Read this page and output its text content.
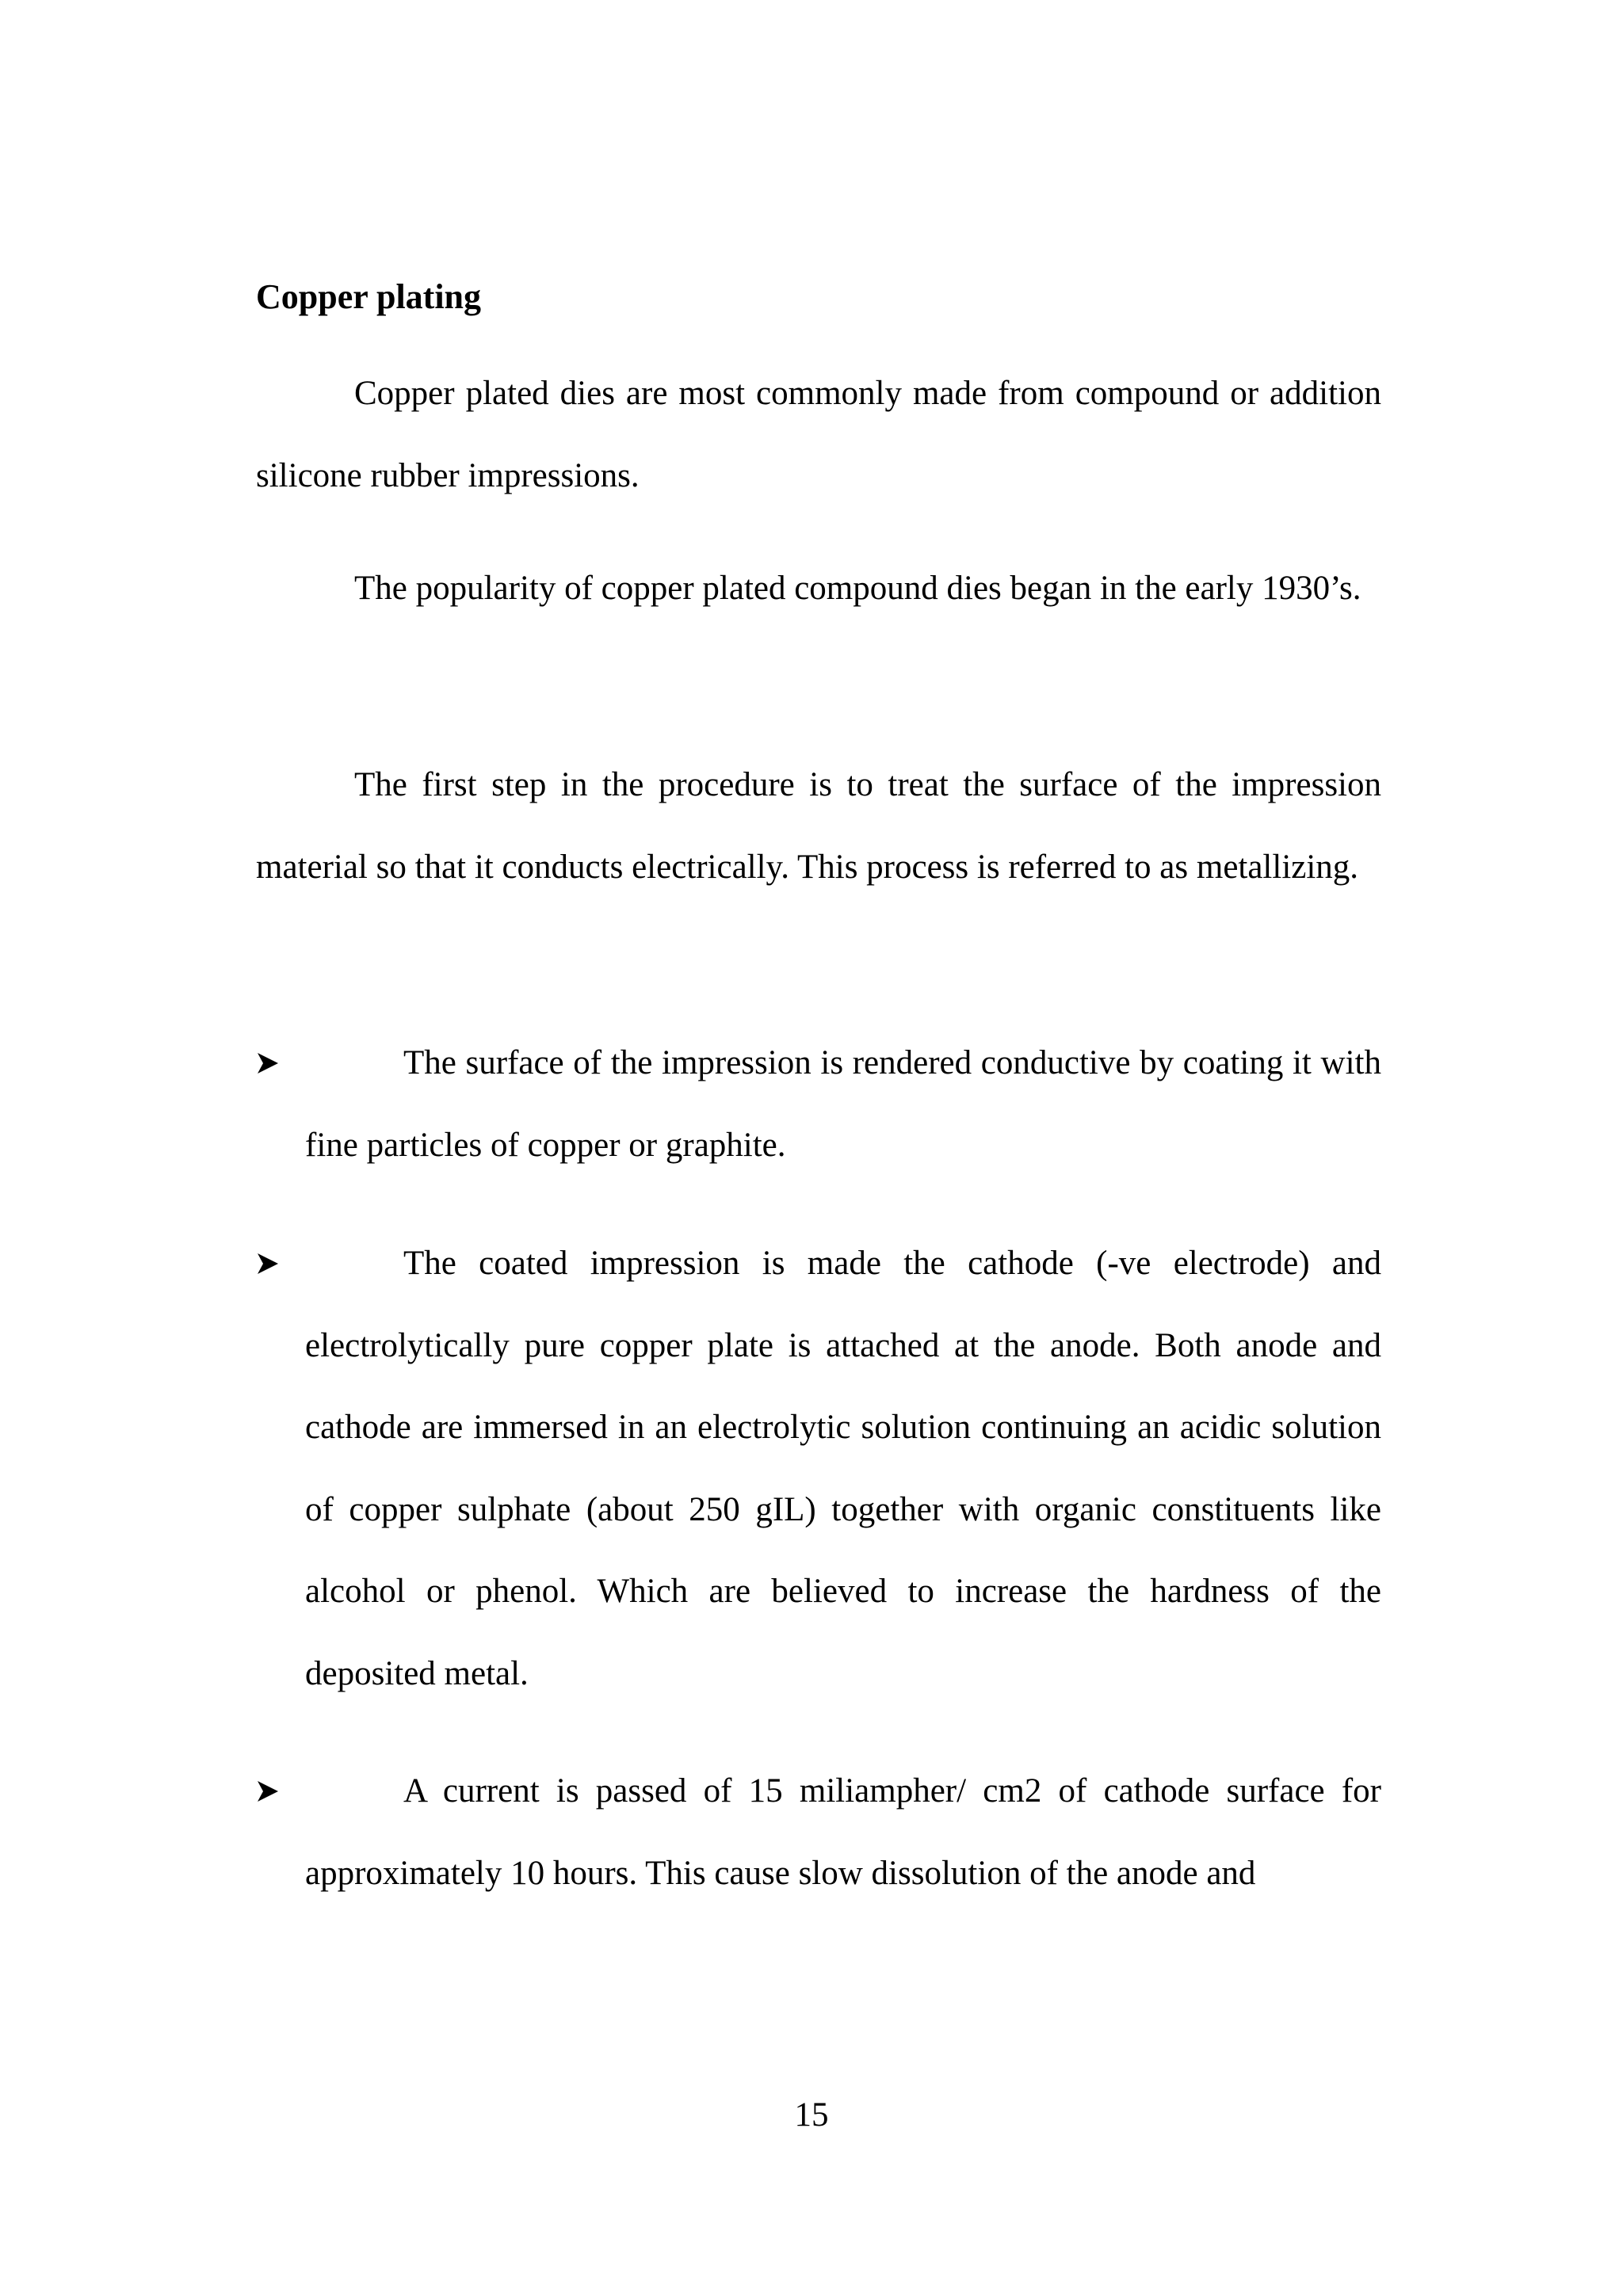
Copper plating

Copper plated dies are most commonly made from compound or addition silicone rubber impressions.

The popularity of copper plated compound dies began in the early 1930’s.

The first step in the procedure is to treat the surface of the impression material so that it conducts electrically. This process is referred to as metallizing.

The surface of the impression is rendered conductive by coating it with fine particles of copper or graphite.

The coated impression is made the cathode (-ve electrode) and electrolytically pure copper plate is attached at the anode. Both anode and cathode are immersed in an electrolytic solution continuing an acidic solution of copper sulphate (about 250 gIL) together with organic constituents like alcohol or phenol. Which are believed to increase the hardness of the deposited metal.

A current is passed of 15 miliampher/ cm2 of cathode surface for approximately 10 hours. This cause slow dissolution of the anode and

15
